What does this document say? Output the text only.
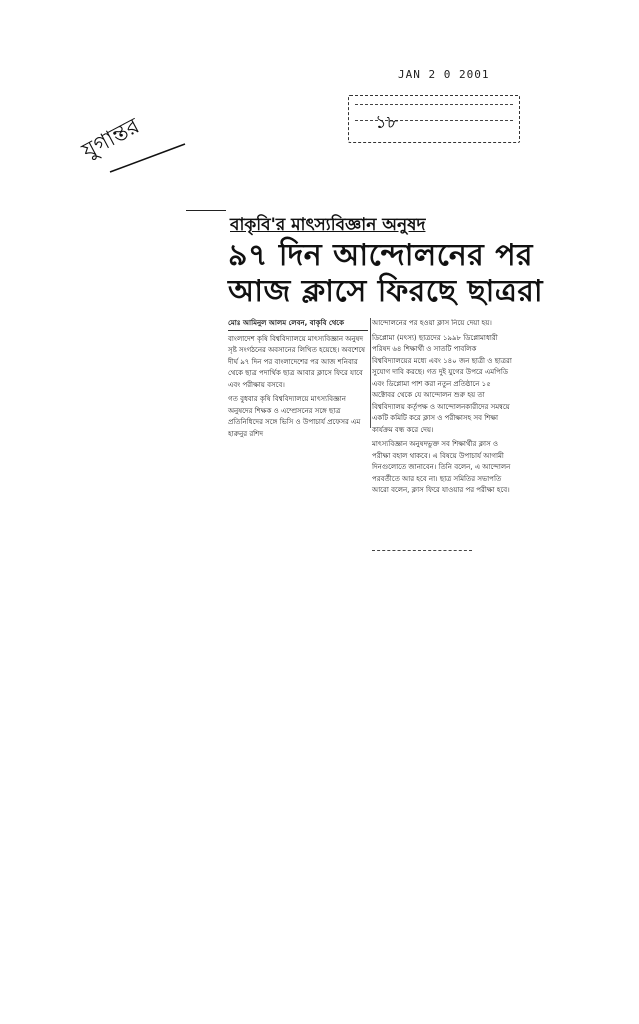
যুগান্তর
JAN 2 0 2001
১৮
বাকৃবি'র মাৎস্যবিজ্ঞান অনুষদ
৯৭ দিন আন্দোলনের পর
আজ ক্লাসে ফিরছে ছাত্ররা

মোঃ আমিনুল আলম লেবন, বাকৃবি থেকে

বাংলাদেশ কৃষি বিশ্ববিদ্যালয়ে মাৎস্যবিজ্ঞান অনুষদ সৃষ্ট সংগঠনের অবসানের লিখিত হয়েছে। অবশেষে দীর্ঘ ৯৭ দিন পর বাংলাদেশের পর আজ শনিবার থেকে ছাত্র পদার্থিক ছাত্র আবার ক্লাসে ফিরে যাবে এবং পরীক্ষায় বসবে।

গত বুধবার কৃষি বিশ্ববিদ্যালয়ে মাৎস্যবিজ্ঞান অনুষদের শিক্ষক ও এম্প্রেসনের সঙ্গে ছাত্র প্রতিনিধিদের সঙ্গে ভিসি ও উপাচার্য প্রফেসর এম হারুনুর রশিদ

আন্দোলনের পর হওয়া ক্লাস নিয়ে দেয়া হয়।

ডিপ্লোমা (মৎস্য) ছাত্রদের ১৯৯৮ ডিপ্লোমাধারী পরিষদ ৬৪ শিক্ষার্থী ও সাতটি পাবলিক বিশ্ববিদ্যালয়ের মধ্যে এবং ১৪০ জন ছাত্রী ও ছাত্ররা সুযোগ দাবি করছে। গত দুই যুগের উপরে এমপিডি এবং ডিপ্লোমা পাশ করা নতুন প্রতিষ্ঠানে ১৫ অক্টোবর থেকে যে আন্দোলন শুরু হয় তা বিশ্ববিদ্যালয় কর্তৃপক্ষ ও আন্দোলনকারীদের সমন্বয়ে একটি কমিটি করে ক্লাস ও পরীক্ষাসহ সব শিক্ষা কার্যক্রম বন্ধ করে দেয়।

মাৎস্যবিজ্ঞান অনুষদভুক্ত সব শিক্ষার্থীর ক্লাস ও পরীক্ষা বহাল থাকবে। এ বিষয়ে উপাচার্য আগামী দিনগুলোতে জানাবেন। তিনি বলেন, এ আন্দোলন পরবর্তীতে আর হবে না। ছাত্র সমিতির সভাপতি আরো বলেন, ক্লাস ফিরে যাওয়ার পর পরীক্ষা হবে।
